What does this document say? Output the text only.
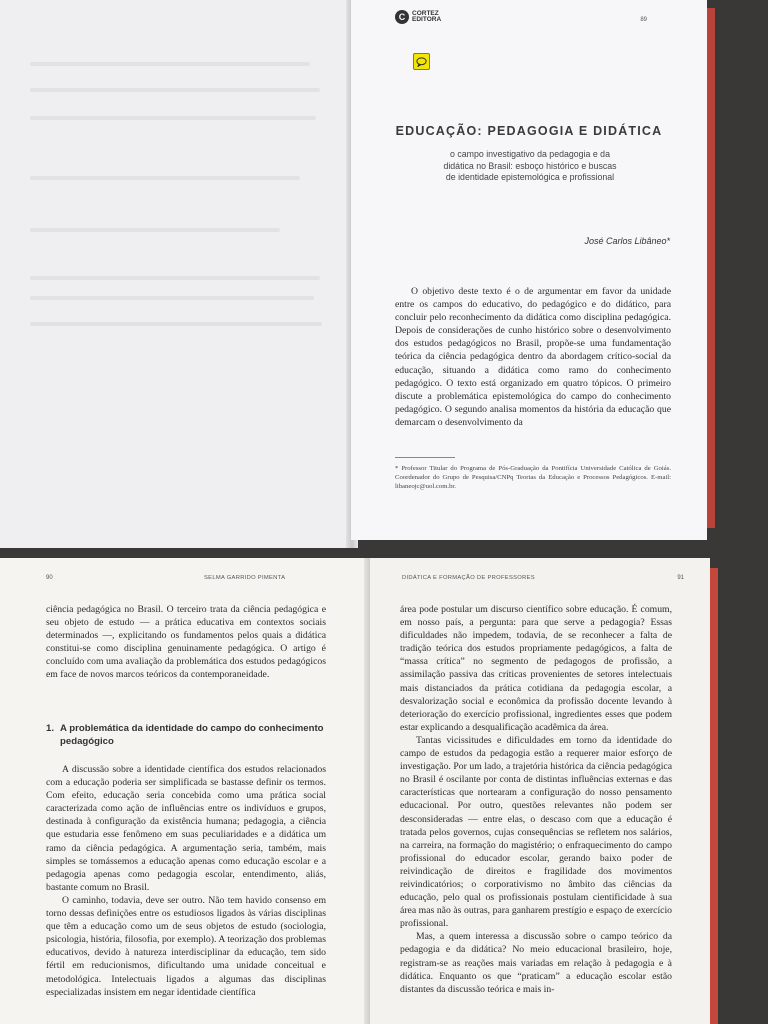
C	CORTEZ
EDITORA	89
EDUCAÇÃO: PEDAGOGIA E DIDÁTICA
o campo investigativo da pedagogia e da
didática no Brasil: esboço histórico e buscas
de identidade epistemológica e profissional
José Carlos Libâneo*

O objetivo deste texto é o de argumentar em favor da unidade entre os campos do educativo, do pedagógico e do didático, para concluir pelo reconhecimento da didática como disciplina pedagógica. Depois de considerações de cunho histórico sobre o desenvolvimento dos estudos pedagógicos no Brasil, propõe-se uma fundamentação teórica da ciência pedagógica dentro da abordagem crítico-social da educação, situando a didática como ramo do conhecimento pedagógico. O texto está organizado em quatro tópicos. O primeiro discute a problemática epistemológica do campo do conhecimento pedagógico. O segundo analisa momentos da história da educação que demarcam o desenvolvimento da

* Professor Titular do Programa de Pós-Graduação da Pontifícia Universidade Católica de Goiás. Coordenador do Grupo de Pesquisa/CNPq Teorias da Educação e Processos Pedagógicos. E-mail: libaneojc@uol.com.br.
90	SELMA GARRIDO PIMENTA

ciência pedagógica no Brasil. O terceiro trata da ciência pedagógica e seu objeto de estudo — a prática educativa em contextos sociais determinados —, explicitando os fundamentos pelos quais a didática constitui-se como disciplina genuinamente pedagógica. O artigo é concluído com uma avaliação da problemática dos estudos pedagógicos em face de novos marcos teóricos da contemporaneidade.

1. A problemática da identidade do campo do conhecimento pedagógico

A discussão sobre a identidade científica dos estudos relacionados com a educação poderia ser simplificada se bastasse definir os termos. Com efeito, educação seria concebida como uma prática social caracterizada como ação de influências entre os indivíduos e grupos, destinada à configuração da existência humana; pedagogia, a ciência que estudaria esse fenômeno em suas peculiaridades e a didática um ramo da ciência pedagógica. A argumentação seria, também, mais simples se tomássemos a educação apenas como educação escolar e a pedagogia apenas como pedagogia escolar, entendimento, aliás, bastante comum no Brasil.

O caminho, todavia, deve ser outro. Não tem havido consenso em torno dessas definições entre os estudiosos ligados às várias disciplinas que têm a educação como um de seus objetos de estudo (sociologia, psicologia, história, filosofia, por exemplo). A teorização dos problemas educativos, devido à natureza interdisciplinar da educação, tem sido fértil em reducionismos, dificultando uma unidade conceitual e metodológica. Intelectuais ligados a algumas das disciplinas especializadas insistem em negar identidade científica

DIDÁTICA E FORMAÇÃO DE PROFESSORES	91

área pode postular um discurso científico sobre educação. É comum, em nosso país, a pergunta: para que serve a pedagogia? Essas dificuldades não impedem, todavia, de se reconhecer a falta de tradição teórica dos estudos propriamente pedagógicos, a falta de “massa crítica” no segmento de pedagogos de profissão, a assimilação passiva das críticas provenientes de setores intelectuais mais distanciados da prática cotidiana da pedagogia escolar, a desvalorização social e econômica da profissão docente levando à deterioração do exercício profissional, ingredientes esses que podem estar explicando a desqualificação acadêmica da área.

Tantas vicissitudes e dificuldades em torno da identidade do campo de estudos da pedagogia estão a requerer maior esforço de investigação. Por um lado, a trajetória histórica da ciência pedagógica no Brasil é oscilante por conta de distintas influências externas e das características que nortearam a configuração do nosso pensamento educacional. Por outro, questões relevantes não podem ser desconsideradas — entre elas, o descaso com que a educação é tratada pelos governos, cujas consequências se refletem nos salários, na carreira, na formação do magistério; o enfraquecimento do campo profissional do educador escolar, gerando baixo poder de reivindicação de direitos e fragilidade dos movimentos reivindicatórios; o corporativismo no âmbito das ciências da educação, pelo qual os profissionais postulam cientificidade à sua área mas não às outras, para ganharem prestígio e espaço de exercício profissional.

Mas, a quem interessa a discussão sobre o campo teórico da pedagogia e da didática? No meio educacional brasileiro, hoje, registram-se as reações mais variadas em relação à pedagogia e à didática. Enquanto os que “praticam” a educação escolar estão distantes da discussão teórica e mais in-
